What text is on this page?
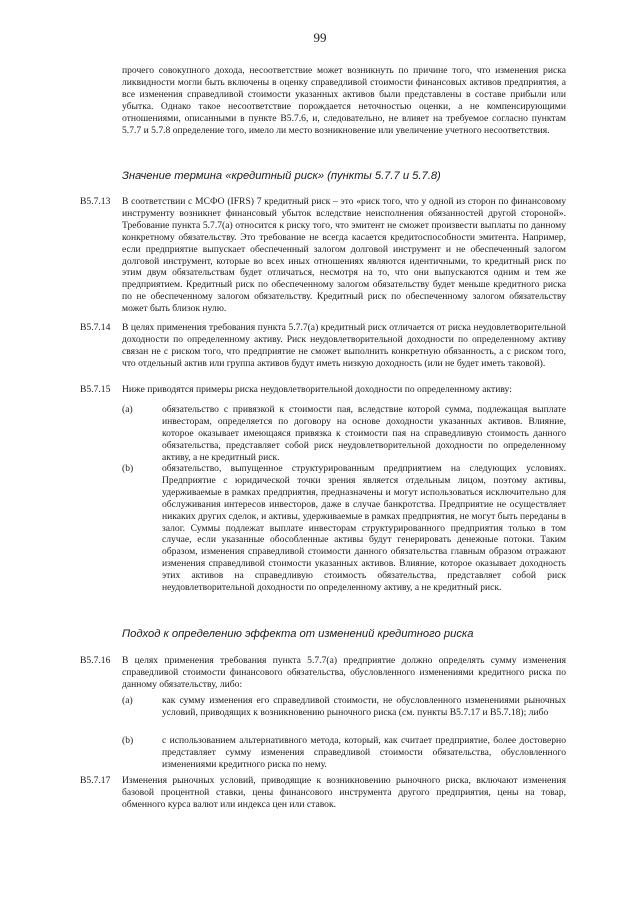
99
прочего совокупного дохода, несоответствие может возникнуть по причине того, что изменения риска ликвидности могли быть включены в оценку справедливой стоимости финансовых активов предприятия, а все изменения справедливой стоимости указанных активов были представлены в составе прибыли или убытка. Однако такое несоответствие порождается неточностью оценки, а не компенсирующими отношениями, описанными в пункте B5.7.6, и, следовательно, не влияет на требуемое согласно пунктам 5.7.7 и 5.7.8 определение того, имело ли место возникновение или увеличение учетного несоответствия.
Значение термина «кредитный риск» (пункты 5.7.7 и 5.7.8)
B5.7.13 В соответствии с МСФО (IFRS) 7 кредитный риск – это «риск того, что у одной из сторон по финансовому инструменту возникнет финансовый убыток вследствие неисполнения обязанностей другой стороной». Требование пункта 5.7.7(a) относится к риску того, что эмитент не сможет произвести выплаты по данному конкретному обязательству. Это требование не всегда касается кредитоспособности эмитента. Например, если предприятие выпускает обеспеченный залогом долговой инструмент и не обеспеченный залогом долговой инструмент, которые во всех иных отношениях являются идентичными, то кредитный риск по этим двум обязательствам будет отличаться, несмотря на то, что они выпускаются одним и тем же предприятием. Кредитный риск по обеспеченному залогом обязательству будет меньше кредитного риска по не обеспеченному залогом обязательству. Кредитный риск по обеспеченному залогом обязательству может быть близок нулю.
B5.7.14 В целях применения требования пункта 5.7.7(a) кредитный риск отличается от риска неудовлетворительной доходности по определенному активу. Риск неудовлетворительной доходности по определенному активу связан не с риском того, что предприятие не сможет выполнить конкретную обязанность, а с риском того, что отдельный актив или группа активов будут иметь низкую доходность (или не будет иметь таковой).
B5.7.15 Ниже приводятся примеры риска неудовлетворительной доходности по определенному активу:
(a)	обязательство с привязкой к стоимости пая, вследствие которой сумма, подлежащая выплате инвесторам, определяется по договору на основе доходности указанных активов. Влияние, которое оказывает имеющаяся привязка к стоимости пая на справедливую стоимость данного обязательства, представляет собой риск неудовлетворительной доходности по определенному активу, а не кредитный риск.
(b)	обязательство, выпущенное структурированным предприятием на следующих условиях. Предприятие с юридической точки зрения является отдельным лицом, поэтому активы, удерживаемые в рамках предприятия, предназначены и могут использоваться исключительно для обслуживания интересов инвесторов, даже в случае банкротства. Предприятие не осуществляет никаких других сделок, и активы, удерживаемые в рамках предприятия, не могут быть переданы в залог. Суммы подлежат выплате инвесторам структурированного предприятия только в том случае, если указанные обособленные активы будут генерировать денежные потоки. Таким образом, изменения справедливой стоимости данного обязательства главным образом отражают изменения справедливой стоимости указанных активов. Влияние, которое оказывает доходность этих активов на справедливую стоимость обязательства, представляет собой риск неудовлетворительной доходности по определенному активу, а не кредитный риск.
Подход к определению эффекта от изменений кредитного риска
B5.7.16 В целях применения требования пункта 5.7.7(a) предприятие должно определять сумму изменения справедливой стоимости финансового обязательства, обусловленного изменениями кредитного риска по данному обязательству, либо:
(a)	как сумму изменения его справедливой стоимости, не обусловленного изменениями рыночных условий, приводящих к возникновению рыночного риска (см. пункты B5.7.17 и B5.7.18); либо
(b)	с использованием альтернативного метода, который, как считает предприятие, более достоверно представляет сумму изменения справедливой стоимости обязательства, обусловленного изменениями кредитного риска по нему.
B5.7.17 Изменения рыночных условий, приводящие к возникновению рыночного риска, включают изменения базовой процентной ставки, цены финансового инструмента другого предприятия, цены на товар, обменного курса валют или индекса цен или ставок.
